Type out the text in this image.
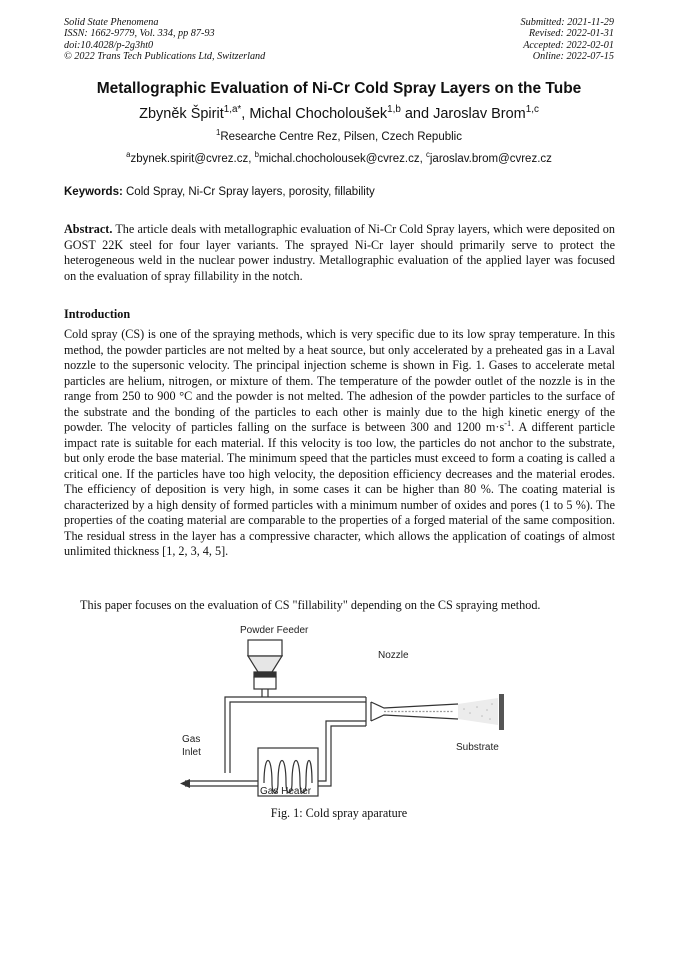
Solid State Phenomena
ISSN: 1662-9779, Vol. 334, pp 87-93
doi:10.4028/p-2g3ht0
© 2022 Trans Tech Publications Ltd, Switzerland
Submitted: 2021-11-29
Revised: 2022-01-31
Accepted: 2022-02-01
Online: 2022-07-15
Metallographic Evaluation of Ni-Cr Cold Spray Layers on the Tube
Zbyněk Špirit$^{1,a*}$, Michal Chocholoušek$^{1,b}$ and Jaroslav Brom$^{1,c}$
$^1$Researche Centre Rez, Pilsen, Czech Republic
$^a$zbynek.spirit@cvrez.cz, $^b$michal.chocholousek@cvrez.cz, $^c$jaroslav.brom@cvrez.cz
Keywords: Cold Spray, Ni-Cr Spray layers, porosity, fillability

Abstract. The article deals with metallographic evaluation of Ni-Cr Cold Spray layers, which were deposited on GOST 22K steel for four layer variants. The sprayed Ni-Cr layer should primarily serve to protect the heterogeneous weld in the nuclear power industry. Metallographic evaluation of the applied layer was focused on the evaluation of spray fillability in the notch.

Introduction

Cold spray (CS) is one of the spraying methods, which is very specific due to its low spray temperature. In this method, the powder particles are not melted by a heat source, but only accelerated by a preheated gas in a Laval nozzle to the supersonic velocity. The principal injection scheme is shown in Fig. 1. Gases to accelerate metal particles are helium, nitrogen, or mixture of them. The temperature of the powder outlet of the nozzle is in the range from 250 to 900 °C and the powder is not melted. The adhesion of the powder particles to the surface of the substrate and the bonding of the particles to each other is mainly due to the high kinetic energy of the powder. The velocity of particles falling on the surface is between 300 and 1200 $m\cdot s^{-1}$. A different particle impact rate is suitable for each material. If this velocity is too low, the particles do not anchor to the substrate, but only erode the base material. The minimum speed that the particles must exceed to form a coating is called a critical one. If the particles have too high velocity, the deposition efficiency decreases and the material erodes. The efficiency of deposition is very high, in some cases it can be higher than 80 %. The coating material is characterized by a high density of formed particles with a minimum number of oxides and pores (1 to 5 %). The properties of the coating material are comparable to the properties of a forged material of the same composition. The residual stress in the layer has a compressive character, which allows the application of coatings of almost unlimited thickness [1, 2, 3, 4, 5].

This paper focuses on the evaluation of CS "fillability" depending on the CS spraying method.
Powder Feeder
Nozzle
Substrate
Gas
Inlet
Gas Heater
Fig. 1: Cold spray aparature
